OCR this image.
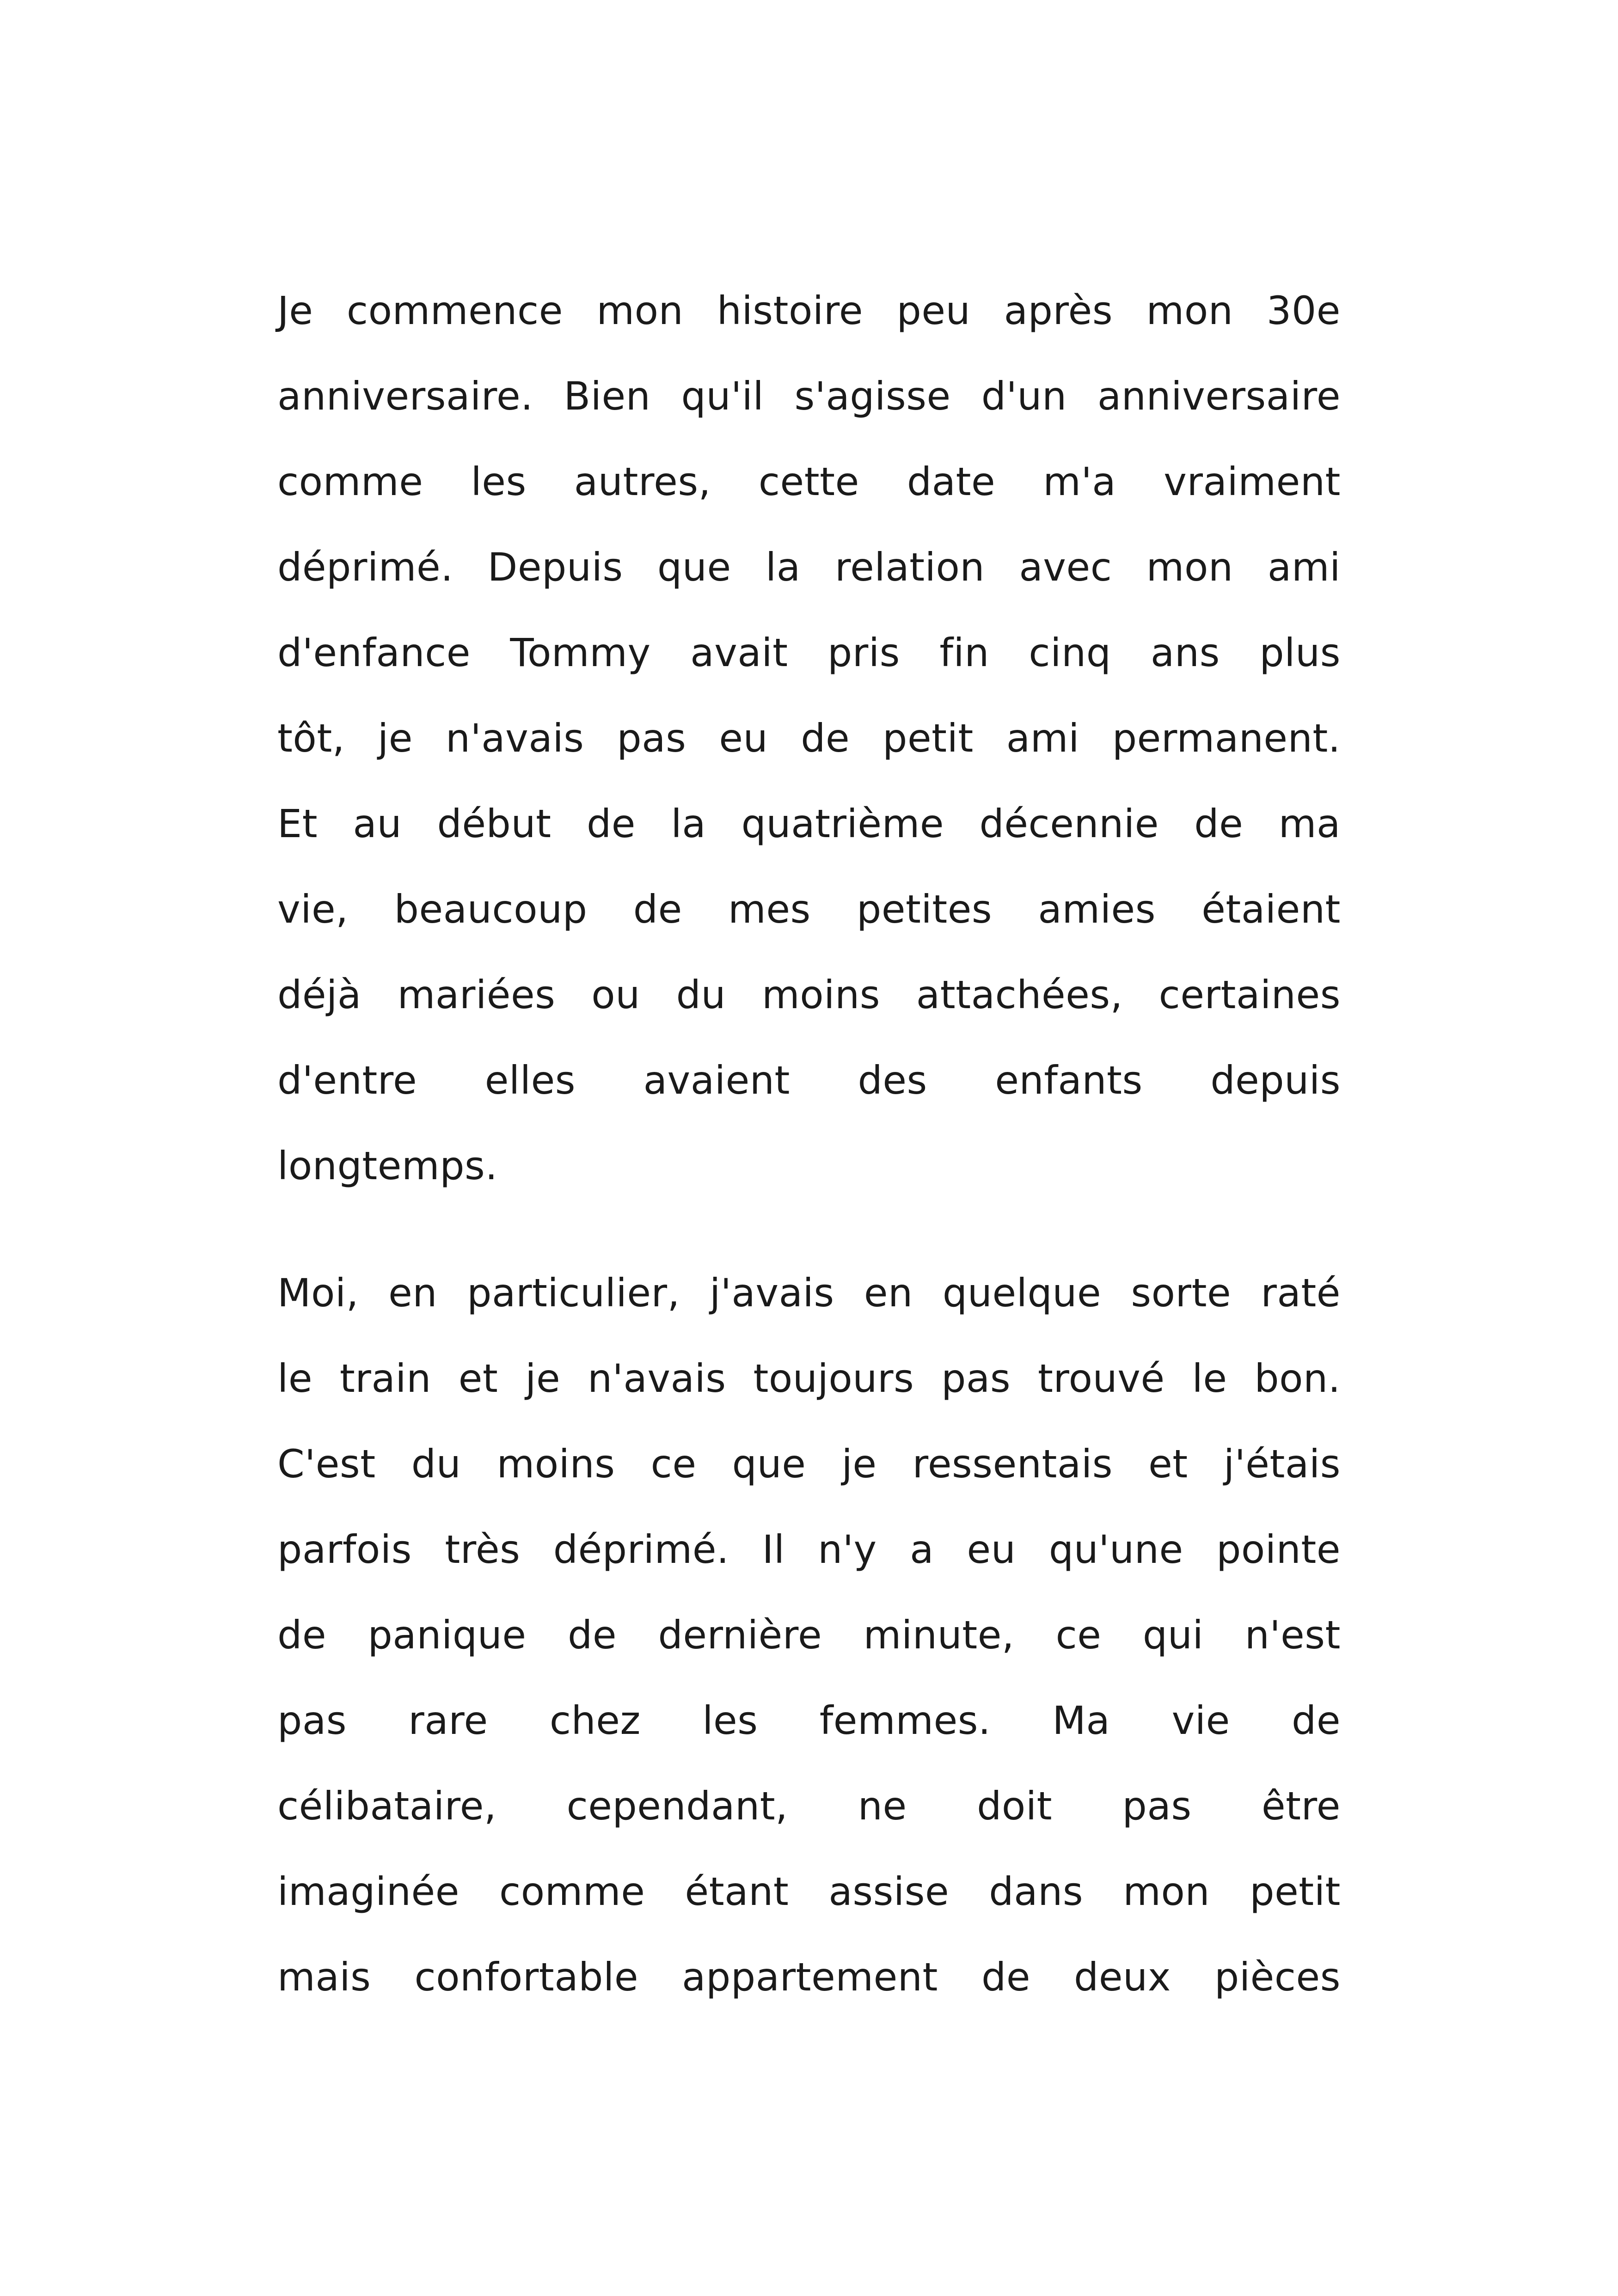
Je commence mon histoire peu après mon 30e
anniversaire. Bien qu'il s'agisse d'un anniversaire
comme les autres, cette date m'a vraiment
déprimé. Depuis que la relation avec mon ami
d'enfance Tommy avait pris fin cinq ans plus
tôt, je n'avais pas eu de petit ami permanent.
Et au début de la quatrième décennie de ma
vie, beaucoup de mes petites amies étaient
déjà mariées ou du moins attachées, certaines
d'entre elles avaient des enfants depuis
longtemps.
Moi, en particulier, j'avais en quelque sorte raté
le train et je n'avais toujours pas trouvé le bon.
C'est du moins ce que je ressentais et j'étais
parfois très déprimé. Il n'y a eu qu'une pointe
de panique de dernière minute, ce qui n'est
pas rare chez les femmes. Ma vie de
célibataire, cependant, ne doit pas être
imaginée comme étant assise dans mon petit
mais confortable appartement de deux pièces
